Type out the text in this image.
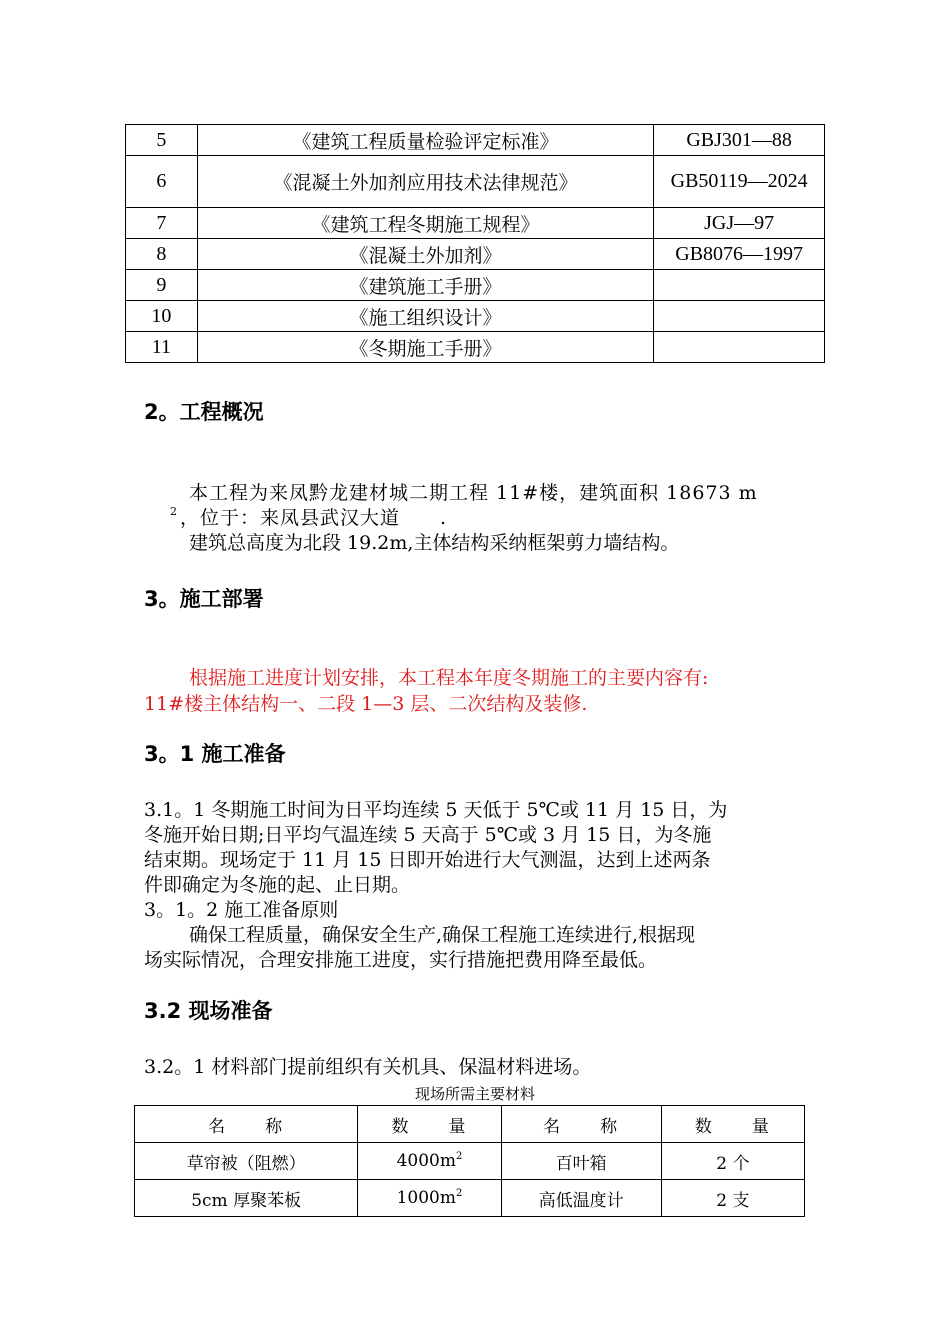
5	《建筑工程质量检验评定标准》	GBJ301—88
6	《混凝土外加剂应用技术法律规范》	GB50119—2024
7	《建筑工程冬期施工规程》	JGJ—97
8	《混凝土外加剂》	GB8076—1997
9	《建筑施工手册》	
10	《施工组织设计》	
11	《冬期施工手册》	
2。工程概况
本工程为来凤黔龙建材城二期工程 11#楼，建筑面积 18673 m
2 ，位于：来凤县武汉大道　　.
建筑总高度为北段 19.2m,主体结构采纳框架剪力墙结构。
3。施工部署
根据施工进度计划安排，本工程本年度冬期施工的主要内容有:
11#楼主体结构一、二段 1—3 层、二次结构及装修.
3。1 施工准备
3.1。1 冬期施工时间为日平均连续 5 天低于 5℃或 11 月 15 日，为
冬施开始日期;日平均气温连续 5 天高于 5℃或 3 月 15 日，为冬施
结束期。现场定于 11 月 15 日即开始进行大气测温，达到上述两条
件即确定为冬施的起、止日期。
3。1。2 施工准备原则
确保工程质量，确保安全生产,确保工程施工连续进行,根据现
场实际情况，合理安排施工进度，实行措施把费用降至最低。
3.2 现场准备
3.2。1 材料部门提前组织有关机具、保温材料进场。
现场所需主要材料
名　　称	数　　量	名　　称	数　　量
草帘被（阻燃）	$4000m^2$	百叶箱	2 个
5cm 厚聚苯板	$1000m^2$	高低温度计	2 支
